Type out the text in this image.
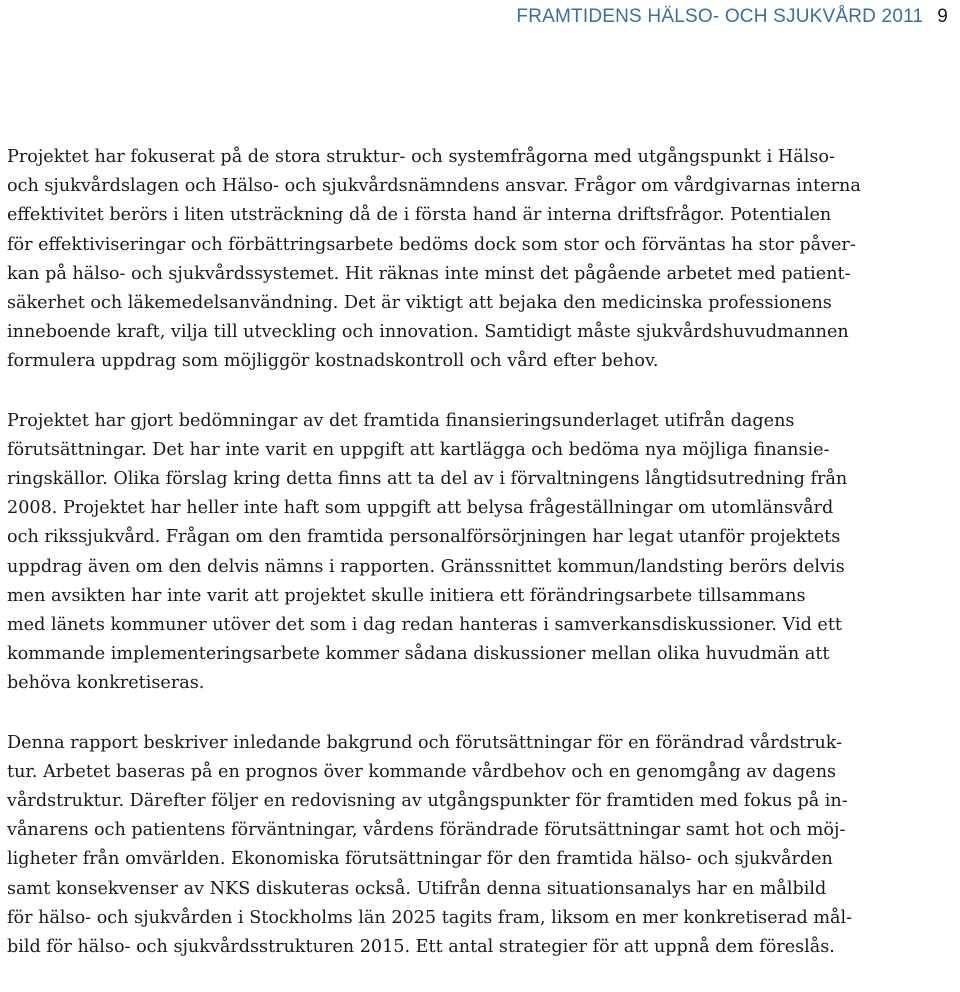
FRAMTIDENS HÄLSO- OCH SJUKVÅRD 2011 9

Projektet har fokuserat på de stora struktur- och systemfrågorna med utgångspunkt i Hälso-
och sjukvårdslagen och Hälso- och sjukvårdsnämndens ansvar. Frågor om vårdgivarnas interna
effektivitet berörs i liten utsträckning då de i första hand är interna driftsfrågor. Potentialen
för effektiviseringar och förbättringsarbete bedöms dock som stor och förväntas ha stor påver-
kan på hälso- och sjukvårdssystemet. Hit räknas inte minst det pågående arbetet med patient-
säkerhet och läkemedelsanvändning. Det är viktigt att bejaka den medicinska professionens
inneboende kraft, vilja till utveckling och innovation. Samtidigt måste sjukvårdshuvudmannen
formulera uppdrag som möjliggör kostnadskontroll och vård efter behov.

Projektet har gjort bedömningar av det framtida finansieringsunderlaget utifrån dagens
förutsättningar. Det har inte varit en uppgift att kartlägga och bedöma nya möjliga finansie-
ringskällor. Olika förslag kring detta finns att ta del av i förvaltningens långtidsutredning från
2008. Projektet har heller inte haft som uppgift att belysa frågeställningar om utomlänsvård
och rikssjukvård. Frågan om den framtida personalförsörjningen har legat utanför projektets
uppdrag även om den delvis nämns i rapporten. Gränssnittet kommun/landsting berörs delvis
men avsikten har inte varit att projektet skulle initiera ett förändringsarbete tillsammans
med länets kommuner utöver det som i dag redan hanteras i samverkansdiskussioner. Vid ett
kommande implementeringsarbete kommer sådana diskussioner mellan olika huvudmän att
behöva konkretiseras.

Denna rapport beskriver inledande bakgrund och förutsättningar för en förändrad vårdstruk-
tur. Arbetet baseras på en prognos över kommande vårdbehov och en genomgång av dagens
vårdstruktur. Därefter följer en redovisning av utgångspunkter för framtiden med fokus på in-
vånarens och patientens förväntningar, vårdens förändrade förutsättningar samt hot och möj-
ligheter från omvärlden. Ekonomiska förutsättningar för den framtida hälso- och sjukvården
samt konsekvenser av NKS diskuteras också. Utifrån denna situationsanalys har en målbild
för hälso- och sjukvården i Stockholms län 2025 tagits fram, liksom en mer konkretiserad mål-
bild för hälso- och sjukvårdsstrukturen 2015. Ett antal strategier för att uppnå dem föreslås.
